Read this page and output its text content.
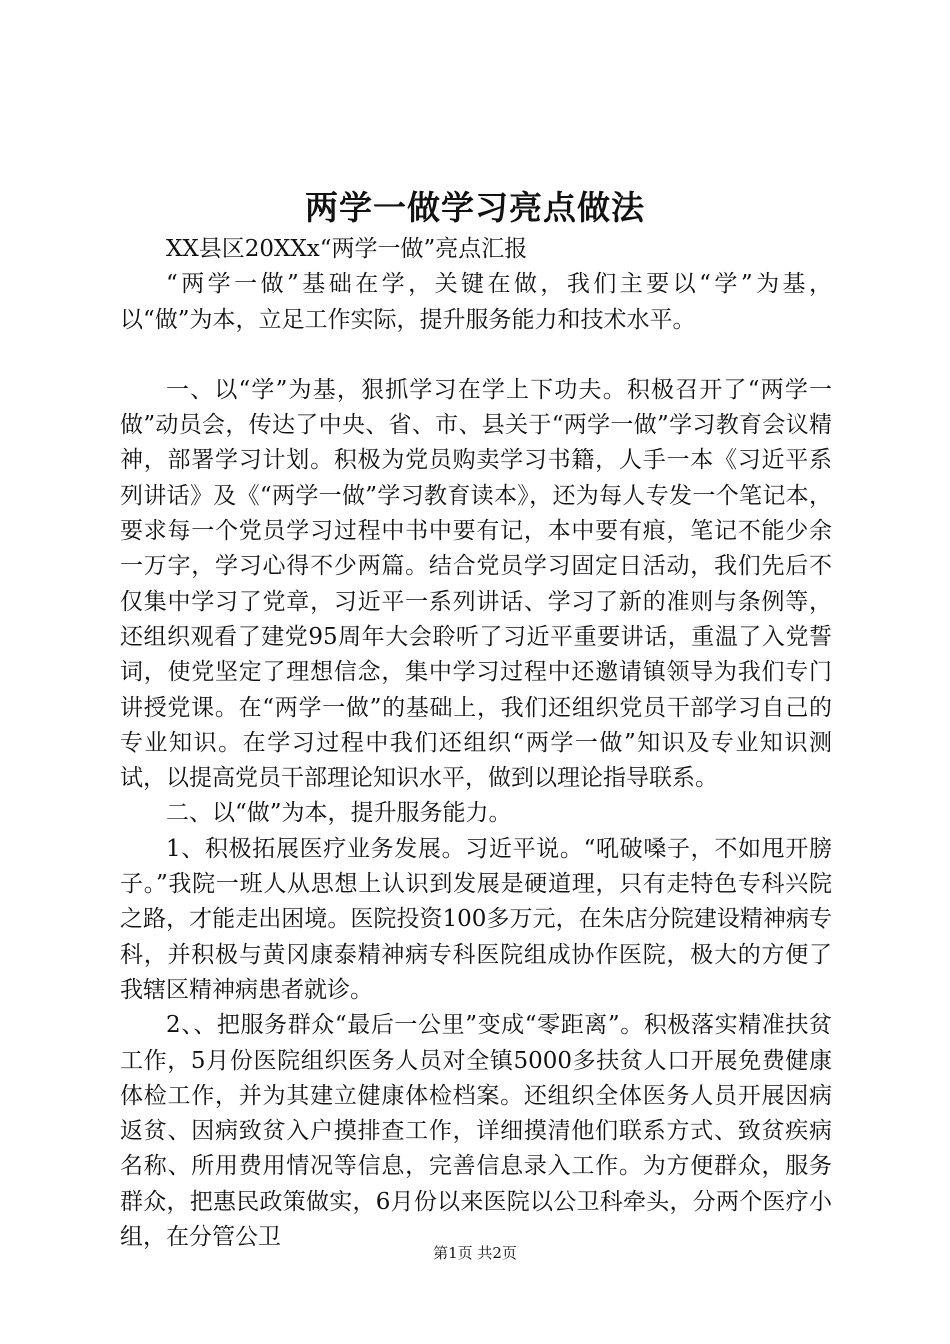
两学一做学习亮点做法

XX县区20XXx“两学一做”亮点汇报

“两学一做”基础在学，关键在做，我们主要以“学”为基，以“做”为本，立足工作实际，提升服务能力和技术水平。

一、以“学”为基，狠抓学习在学上下功夫。积极召开了“两学一做”动员会，传达了中央、省、市、县关于“两学一做”学习教育会议精神，部署学习计划。积极为党员购卖学习书籍，人手一本《习近平系列讲话》及《“两学一做”学习教育读本》，还为每人专发一个笔记本，要求每一个党员学习过程中书中要有记，本中要有痕，笔记不能少余一万字，学习心得不少两篇。结合党员学习固定日活动，我们先后不仅集中学习了党章，习近平一系列讲话、学习了新的准则与条例等，还组织观看了建党95周年大会聆听了习近平重要讲话，重温了入党誓词，使党坚定了理想信念，集中学习过程中还邀请镇领导为我们专门讲授党课。在“两学一做”的基础上，我们还组织党员干部学习自己的专业知识。在学习过程中我们还组织“两学一做”知识及专业知识测试，以提高党员干部理论知识水平，做到以理论指导联系。

二、以“做”为本，提升服务能力。

1、积极拓展医疗业务发展。习近平说。“吼破嗓子，不如甩开膀子。”我院一班人从思想上认识到发展是硬道理，只有走特色专科兴院之路，才能走出困境。医院投资100多万元，在朱店分院建设精神病专科，并积极与黄冈康泰精神病专科医院组成协作医院，极大的方便了我辖区精神病患者就诊。

2、、把服务群众“最后一公里”变成“零距离”。积极落实精准扶贫工作，5月份医院组织医务人员对全镇5000多扶贫人口开展免费健康体检工作，并为其建立健康体检档案。还组织全体医务人员开展因病返贫、因病致贫入户摸排查工作，详细摸清他们联系方式、致贫疾病名称、所用费用情况等信息，完善信息录入工作。为方便群众，服务群众，把惠民政策做实，6月份以来医院以公卫科牵头，分两个医疗小组，在分管公卫

第1页 共2页
